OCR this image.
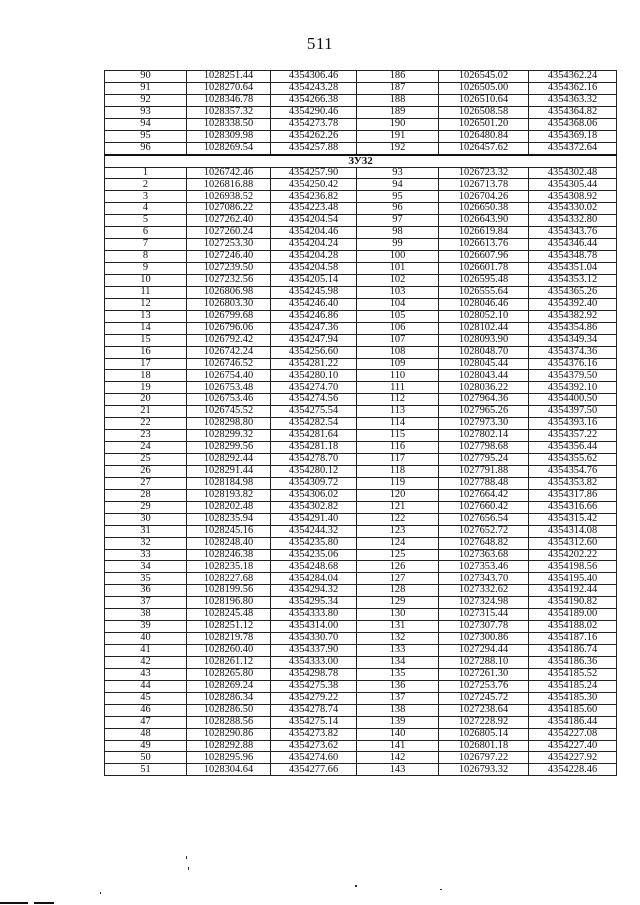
511
90	1028251.44	4354306.46	186	1026545.02	4354362.24
91	1028270.64	4354243.28	187	1026505.00	4354362.16
92	1028346.78	4354266.38	188	1026510.64	4354363.32
93	1028357.32	4354290.46	189	1026508.58	4354364.82
94	1028338.50	4354273.78	190	1026501.20	4354368.06
95	1028309.98	4354262.26	191	1026480.84	4354369.18
96	1028269.54	4354257.88	192	1026457.62	4354372.64
ЗУ32					
1	1026742.46	4354257.90	93	1026723.32	4354302.48
2	1026816.88	4354250.42	94	1026713.78	4354305.44
3	1026938.52	4354236.82	95	1026704.26	4354308.92
4	1027086.22	4354223.48	96	1026650.38	4354330.02
5	1027262.40	4354204.54	97	1026643.90	4354332.80
6	1027260.24	4354204.46	98	1026619.84	4354343.76
7	1027253.30	4354204.24	99	1026613.76	4354346.44
8	1027246.40	4354204.28	100	1026607.96	4354348.78
9	1027239.50	4354204.58	101	1026601.78	4354351.04
10	1027232.56	4354205.14	102	1026595.48	4354353.12
11	1026806.98	4354245.98	103	1026555.64	4354365.26
12	1026803.30	4354246.40	104	1028046.46	4354392.40
13	1026799.68	4354246.86	105	1028052.10	4354382.92
14	1026796.06	4354247.36	106	1028102.44	4354354.86
15	1026792.42	4354247.94	107	1028093.90	4354349.34
16	1026742.24	4354256.60	108	1028048.70	4354374.36
17	1026746.52	4354281.22	109	1028045.44	4354376.16
18	1026754.40	4354280.10	110	1028043.44	4354379.50
19	1026753.48	4354274.70	111	1028036.22	4354392.10
20	1026753.46	4354274.56	112	1027964.36	4354400.50
21	1026745.52	4354275.54	113	1027965.26	4354397.50
22	1028298.80	4354282.54	114	1027973.30	4354393.16
23	1028299.32	4354281.64	115	1027802.14	4354357.22
24	1028299.56	4354281.18	116	1027798.68	4354356.44
25	1028292.44	4354278.70	117	1027795.24	4354355.62
26	1028291.44	4354280.12	118	1027791.88	4354354.76
27	1028184.98	4354309.72	119	1027788.48	4354353.82
28	1028193.82	4354306.02	120	1027664.42	4354317.86
29	1028202.48	4354302.82	121	1027660.42	4354316.66
30	1028235.94	4354291.40	122	1027656.54	4354315.42
31	1028245.16	4354244.32	123	1027652.72	4354314.08
32	1028248.40	4354235.80	124	1027648.82	4354312.60
33	1028246.38	4354235.06	125	1027363.68	4354202.22
34	1028235.18	4354248.68	126	1027353.46	4354198.56
35	1028227.68	4354284.04	127	1027343.70	4354195.40
36	1028199.56	4354294.32	128	1027332.62	4354192.44
37	1028196.80	4354295.34	129	1027324.98	4354190.82
38	1028245.48	4354333.80	130	1027315.44	4354189.00
39	1028251.12	4354314.00	131	1027307.78	4354188.02
40	1028219.78	4354330.70	132	1027300.86	4354187.16
41	1028260.40	4354337.90	133	1027294.44	4354186.74
42	1028261.12	4354333.00	134	1027288.10	4354186.36
43	1028265.80	4354298.78	135	1027261.30	4354185.52
44	1028269.24	4354275.38	136	1027253.76	4354185.24
45	1028286.34	4354279.22	137	1027245.72	4354185.30
46	1028286.50	4354278.74	138	1027238.64	4354185.60
47	1028288.56	4354275.14	139	1027228.92	4354186.44
48	1028290.86	4354273.82	140	1026805.14	4354227.08
49	1028292.88	4354273.62	141	1026801.18	4354227.40
50	1028295.96	4354274.60	142	1026797.22	4354227.92
51	1028304.64	4354277.66	143	1026793.32	4354228.46
